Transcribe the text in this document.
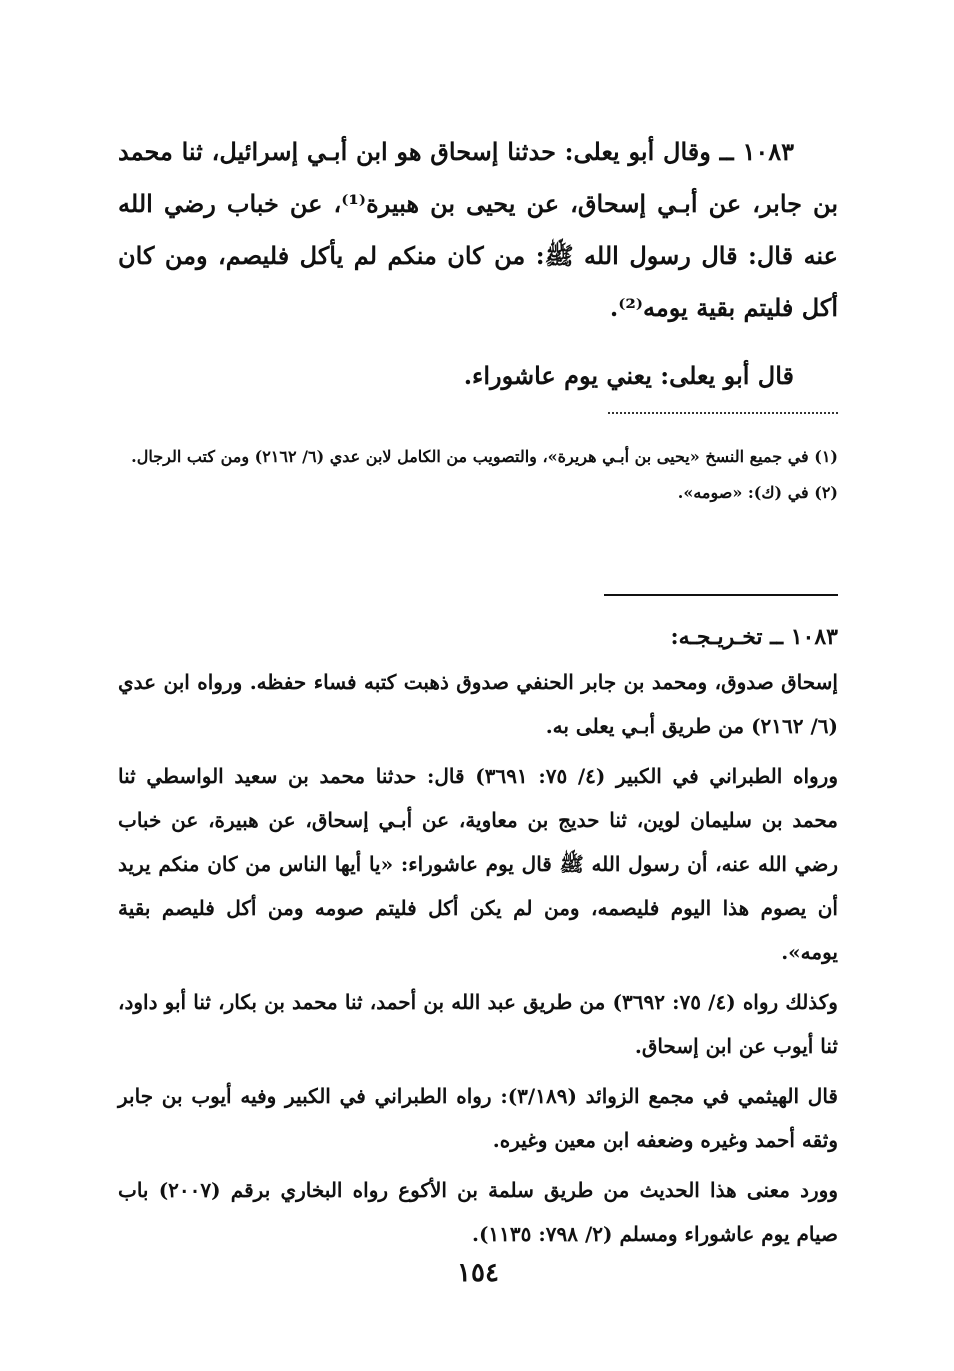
١٠٨٣ ــ وقال أبو يعلى: حدثنا إسحاق هو ابن أبـي إسرائيل، ثنا محمد بن جابر، عن أبـي إسحاق، عن يحيى بن هبيرة⁽¹⁾، عن خباب رضي الله عنه قال: قال رسول الله ﷺ: من كان منكم لم يأكل فليصم، ومن كان أكل فليتم بقية يومه⁽²⁾.

قال أبو يعلى: يعني يوم عاشوراء.

(١) في جميع النسخ «يحيى بن أبـي هريرة»، والتصويب من الكامل لابن عدي (٦/ ٢١٦٢) ومن كتب الرجال.

(٢) في (ك): «صومه».

١٠٨٣ ــ تخـريـجـه:

إسحاق صدوق، ومحمد بن جابر الحنفي صدوق ذهبت كتبه فساء حفظه. ورواه ابن عدي (٦/ ٢١٦٢) من طريق أبـي يعلى به.

ورواه الطبراني في الكبير (٤/ ٧٥: ٣٦٩١) قال: حدثنا محمد بن سعيد الواسطي ثنا محمد بن سليمان لوين، ثنا حديج بن معاوية، عن أبـي إسحاق، عن هبيرة، عن خباب رضي الله عنه، أن رسول الله ﷺ قال يوم عاشوراء: «يا أيها الناس من كان منكم يريد أن يصوم هذا اليوم فليصمه، ومن لم يكن أكل فليتم صومه ومن أكل فليصم بقية يومه».

وكذلك رواه (٤/ ٧٥: ٣٦٩٢) من طريق عبد الله بن أحمد، ثنا محمد بن بكار، ثنا أبو داود، ثنا أيوب عن ابن إسحاق.

قال الهيثمي في مجمع الزوائد (٣/١٨٩): رواه الطبراني في الكبير وفيه أيوب بن جابر وثقه أحمد وغيره وضعفه ابن معين وغيره.

وورد معنى هذا الحديث من طريق سلمة بن الأكوع رواه البخاري برقم (٢٠٠٧) باب صيام يوم عاشوراء ومسلم (٢/ ٧٩٨: ١١٣٥).

١٥٤
